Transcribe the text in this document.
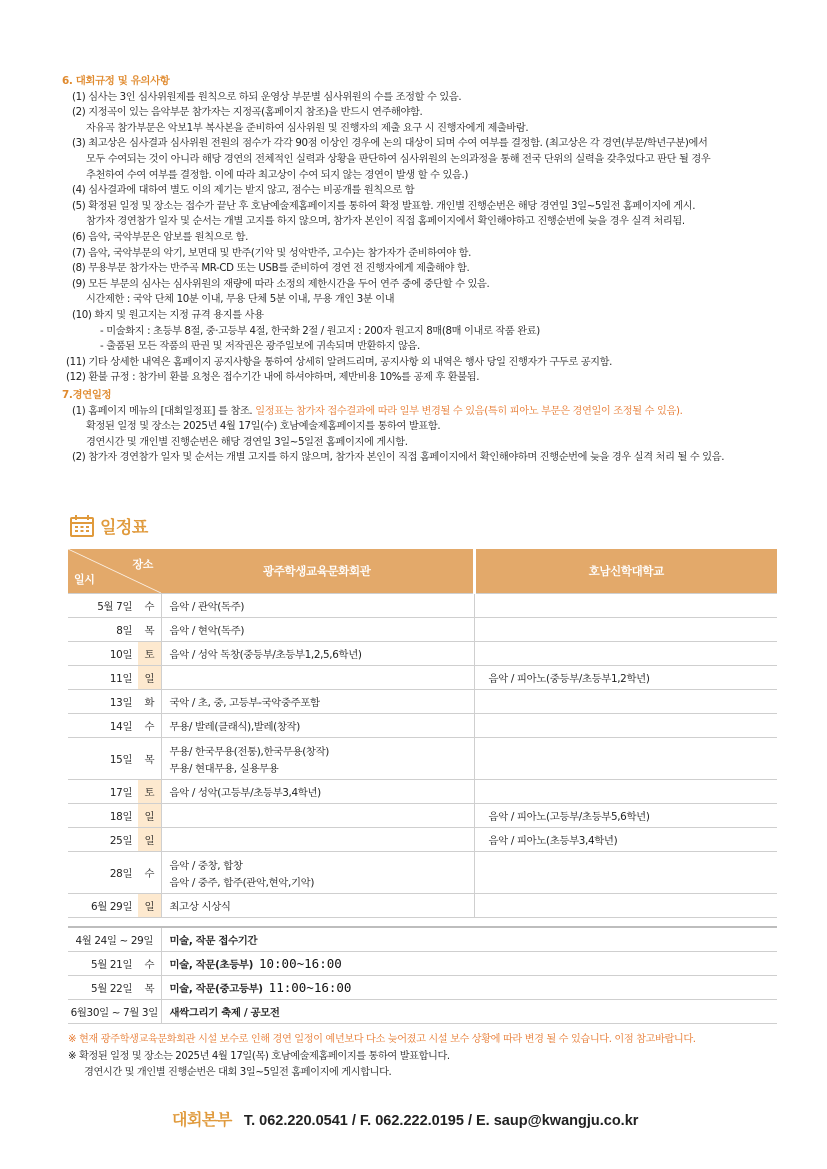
6. 대회규정 및 유의사항
(1) 심사는 3인 심사위원제를 원칙으로 하되 운영상 부문별 심사위원의 수를 조정할 수 있음.
(2) 지정곡이 있는 음악부문 참가자는 지정곡(홈페이지 참조)을 반드시 연주해야함.
자유곡 참가부문은 악보1부 복사본을 준비하여 심사위원 및 진행자의 제출 요구 시 진행자에게 제출바람.
(3) 최고상은 심사결과 심사위원 전원의 점수가 각각 90점 이상인 경우에 논의 대상이 되며 수여 여부를 결정함. (최고상은 각 경연(부문/학년구분)에서
모두 수여되는 것이 아니라 해당 경연의 전체적인 실력과 상황을 판단하여 심사위원의 논의과정을 통해 전국 단위의 실력을 갖추었다고 판단 될 경우
추천하여 수여 여부를 결정함. 이에 따라 최고상이 수여 되지 않는 경연이 발생 할 수 있음.)
(4) 심사결과에 대하여 별도 이의 제기는 받지 않고, 점수는 비공개를 원칙으로 함
(5) 확정된 일정 및 장소는 접수가 끝난 후 호남예술제홈페이지를 통하여 확정 발표함. 개인별 진행순번은 해당 경연일 3일~5일전 홈페이지에 게시.
참가자 경연참가 일자 및 순서는 개별 고지를 하지 않으며, 참가자 본인이 직접 홈페이지에서 확인해야하고 진행순번에 늦을 경우 실격 처리됨.
(6) 음악, 국악부문은 암보를 원칙으로 함.
(7) 음악, 국악부문의 악기, 보면대 및 반주(기악 및 성악반주, 고수)는 참가자가 준비하여야 함.
(8) 무용부문 참가자는 반주곡 MR-CD 또는 USB를 준비하여 경연 전 진행자에게 제출해야 함.
(9) 모든 부문의 심사는 심사위원의 재량에 따라 소정의 제한시간을 두어 연주 중에 중단할 수 있음.
시간제한 : 국악 단체 10분 이내, 무용 단체 5분 이내, 무용 개인 3분 이내
(10) 화지 및 원고지는 지정 규격 용지를 사용
- 미술화지 : 초등부 8절, 중·고등부 4절, 한국화 2절 / 원고지 : 200자 원고지 8매(8매 이내로 작품 완료)
- 출품된 모든 작품의 판권 및 저작권은 광주일보에 귀속되며 반환하지 않음.
(11) 기타 상세한 내역은 홈페이지 공지사항을 통하여 상세히 알려드리며, 공지사항 외 내역은 행사 당일 진행자가 구두로 공지함.
(12) 환불 규정 : 참가비 환불 요청은 접수기간 내에 하셔야하며, 제반비용 10%를 공제 후 환불됨.
7.경연일정
(1) 홈페이지 메뉴의 [대회일정표] 를 참조. 일정표는 참가자 접수결과에 따라 일부 변경될 수 있음(특히 피아노 부문은 경연일이 조정될 수 있음).
확정된 일정 및 장소는 2025년 4월 17일(수) 호남예술제홈페이지를 통하여 발표함.
경연시간 및 개인별 진행순번은 해당 경연일 3일~5일전 홈페이지에 게시함.
(2) 참가자 경연참가 일자 및 순서는 개별 고지를 하지 않으며, 참가자 본인이 직접 홈페이지에서 확인해야하며 진행순번에 늦을 경우 실격 처리 될 수 있음.
일정표
장소
일시		광주학생교육문화회관	호남신학대학교
5월 7일	수	음악 / 관악(독주)	

8일	목	음악 / 현악(독주)	

10일	토	음악 / 성악 독창(중등부/초등부1,2,5,6학년)	

11일	일		음악 / 피아노(중등부/초등부1,2학년)
13일	화	국악 / 초, 중, 고등부-국악중주포함	

14일	수	무용/ 발레(클래식),발레(창작)	

15일	목	무용/ 한국무용(전통),한국무용(창작)
무용/ 현대무용, 실용무용	

17일	토	음악 / 성악(고등부/초등부3,4학년)	

18일	일		음악 / 피아노(고등부/초등부5,6학년)
25일	일		음악 / 피아노(초등부3,4학년)
28일	수	음악 / 중창, 합창
음악 / 중주, 합주(관악,현악,기악)	

6월 29일	일	최고상 시상식	

4월 24일 ~ 29일		미술, 작문 접수기간	
5월 21일	수	미술, 작문(초등부) 10:00~16:00	
5월 22일	목	미술, 작문(중고등부) 11:00~16:00	
6월30일 ~ 7월 3일		새싹그리기 축제 / 공모전	
※ 현재 광주학생교육문화회관 시설 보수로 인해 경연 일정이 예년보다 다소 늦어졌고 시설 보수 상황에 따라 변경 될 수 있습니다. 이점 참고바랍니다.
※ 확정된 일정 및 장소는 2025년 4월 17일(목) 호남예술제홈페이지를 통하여 발표합니다.
경연시간 및 개인별 진행순번은 대회 3일~5일전 홈페이지에 게시합니다.
대회본부 T. 062.220.0541 / F. 062.222.0195 / E. saup@kwangju.co.kr
